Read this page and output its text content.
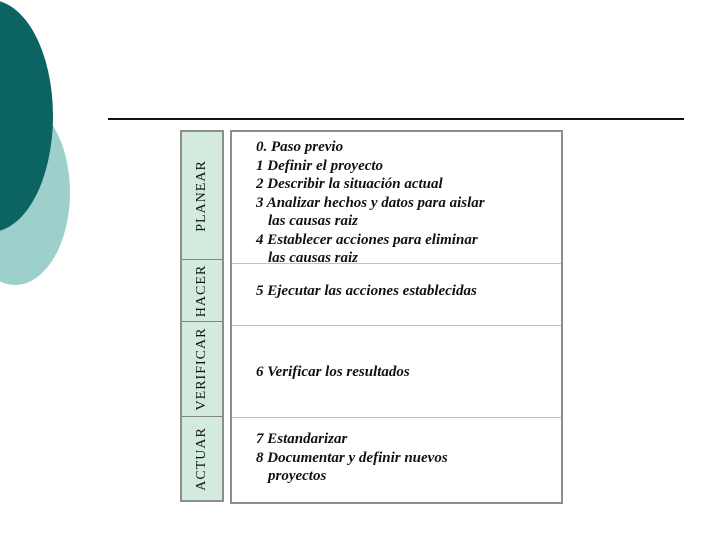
PLANEAR
HACER
VERIFICAR
ACTUAR

0. Paso previo

1 Definir el proyecto

2 Describir la situación actual

3 Analizar hechos y datos para aislar

las causas raiz

4 Establecer acciones para eliminar

las causas raiz

5 Ejecutar las acciones establecidas

6 Verificar los resultados

7 Estandarizar

8 Documentar y definir nuevos

proyectos
